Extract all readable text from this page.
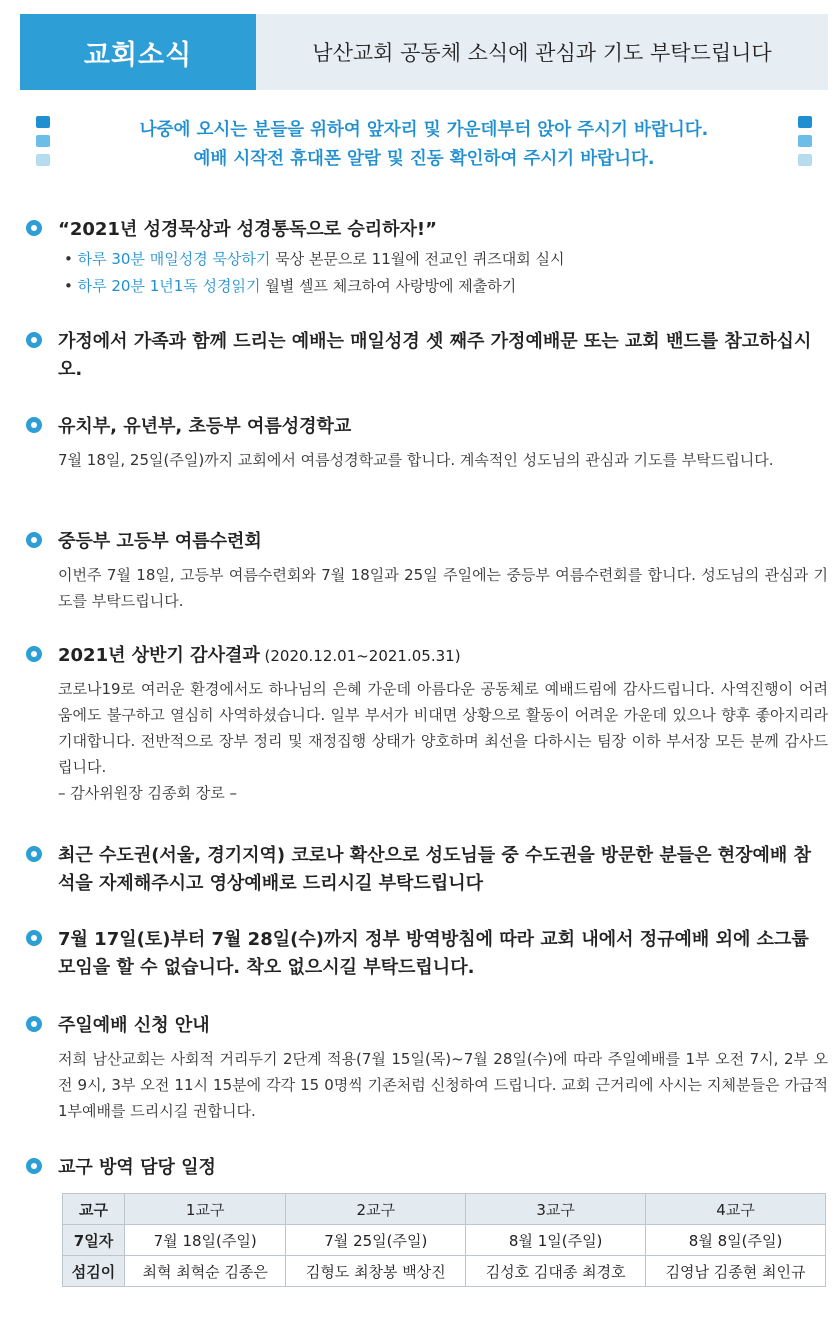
교회소식	남산교회 공동체 소식에 관심과 기도 부탁드립니다
나중에 오시는 분들을 위하여 앞자리 및 가운데부터 앉아 주시기 바랍니다.
예배 시작전 휴대폰 알람 및 진동 확인하여 주시기 바랍니다.
“2021년 성경묵상과 성경통독으로 승리하자!”
• 하루 30분 매일성경 묵상하기 묵상 본문으로 11월에 전교인 퀴즈대회 실시
• 하루 20분 1년1독 성경읽기 월별 셀프 체크하여 사랑방에 제출하기
가정에서 가족과 함께 드리는 예배는 매일성경 셋 째주 가정예배문 또는 교회 밴드를 참고하십시오.
유치부, 유년부, 초등부 여름성경학교
7월 18일, 25일(주일)까지 교회에서 여름성경학교를 합니다. 계속적인 성도님의 관심과 기도를 부탁드립니다.
중등부 고등부 여름수련회
이번주 7월 18일, 고등부 여름수련회와 7월 18일과 25일 주일에는 중등부 여름수련회를 합니다. 성도님의 관심과 기도를 부탁드립니다.
2021년 상반기 감사결과 (2020.12.01~2021.05.31)
코로나19로 여러운 환경에서도 하나님의 은혜 가운데 아름다운 공동체로 예배드림에 감사드립니다. 사역진행이 어려움에도 불구하고 열심히 사역하셨습니다. 일부 부서가 비대면 상황으로 활동이 어려운 가운데 있으나 향후 좋아지리라 기대합니다. 전반적으로 장부 정리 및 재정집행 상태가 양호하며 최선을 다하시는 팀장 이하 부서장 모든 분께 감사드립니다.
– 감사위원장 김종회 장로 –
최근 수도권(서울, 경기지역) 코로나 확산으로 성도님들 중 수도권을 방문한 분들은 현장예배 참석을 자제해주시고 영상예배로 드리시길 부탁드립니다
7월 17일(토)부터 7월 28일(수)까지 정부 방역방침에 따라 교회 내에서 정규예배 외에 소그룹 모임을 할 수 없습니다. 착오 없으시길 부탁드립니다.
주일예배 신청 안내
저희 남산교회는 사회적 거리두기 2단계 적용(7월 15일(목)~7월 28일(수)에 따라 주일예배를 1부 오전 7시, 2부 오전 9시, 3부 오전 11시 15분에 각각 15 0명씩 기존처럼 신청하여 드립니다. 교회 근거리에 사시는 지체분들은 가급적 1부예배를 드리시길 권합니다.
교구 방역 담당 일정
교구	1교구	2교구	3교구	4교구
7일자	7월 18일(주일)	7월 25일(주일)	8월 1일(주일)	8월 8일(주일)
섬김이	최혁 최혁순 김종은	김형도 최창봉 백상진	김성호 김대종 최경호	김영남 김종현 최인규
